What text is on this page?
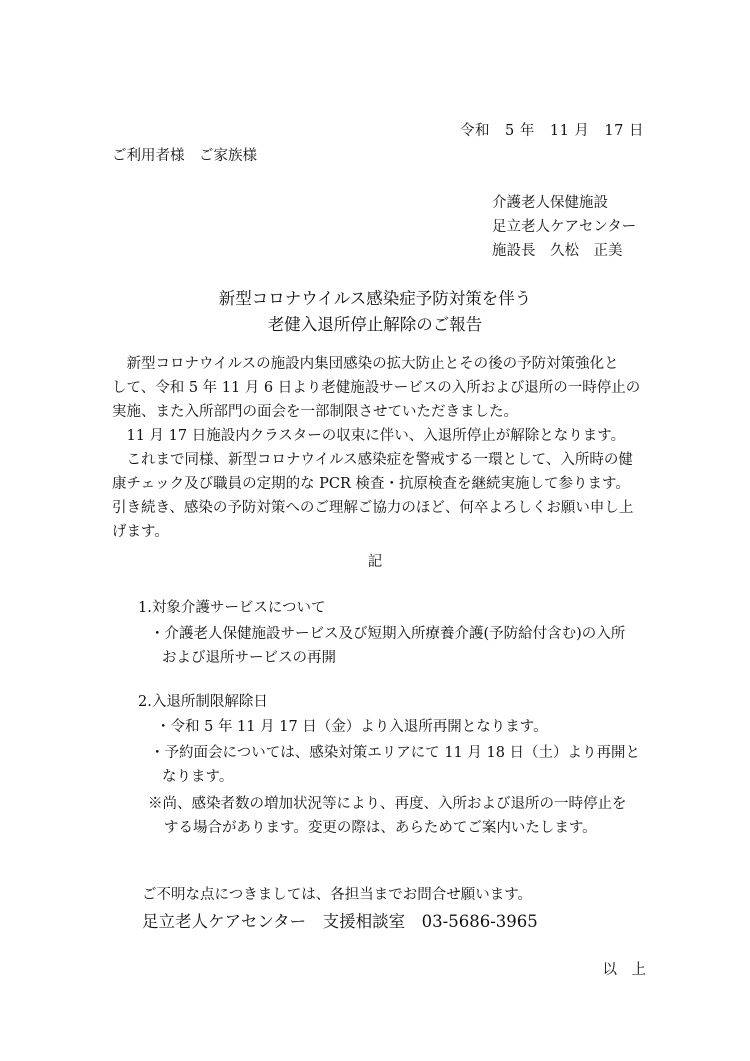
令和　5 年　11 月　17 日
ご利用者様　ご家族様
介護老人保健施設
足立老人ケアセンター
施設長　久松　正美
新型コロナウイルス感染症予防対策を伴う
老健入退所停止解除のご報告
　新型コロナウイルスの施設内集団感染の拡大防止とその後の予防対策強化と
して、令和 5 年 11 月 6 日より老健施設サービスの入所および退所の一時停止の
実施、また入所部門の面会を一部制限させていただきました。
　11 月 17 日施設内クラスターの収束に伴い、入退所停止が解除となります。
　これまで同様、新型コロナウイルス感染症を警戒する一環として、入所時の健
康チェック及び職員の定期的な PCR 検査・抗原検査を継続実施して参ります。
引き続き、感染の予防対策へのご理解ご協力のほど、何卒よろしくお願い申し上
げます。
記
1.対象介護サービスについて
・介護老人保健施設サービス及び短期入所療養介護(予防給付含む)の入所
および退所サービスの再開
2.入退所制限解除日
・令和 5 年 11 月 17 日（金）より入退所再開となります。
・予約面会については、感染対策エリアにて 11 月 18 日（土）より再開と
なります。
※尚、感染者数の増加状況等により、再度、入所および退所の一時停止を
する場合があります。変更の際は、あらためてご案内いたします。
ご不明な点につきましては、各担当までお問合せ願います。
足立老人ケアセンター　支援相談室　03-5686-3965
以　上
